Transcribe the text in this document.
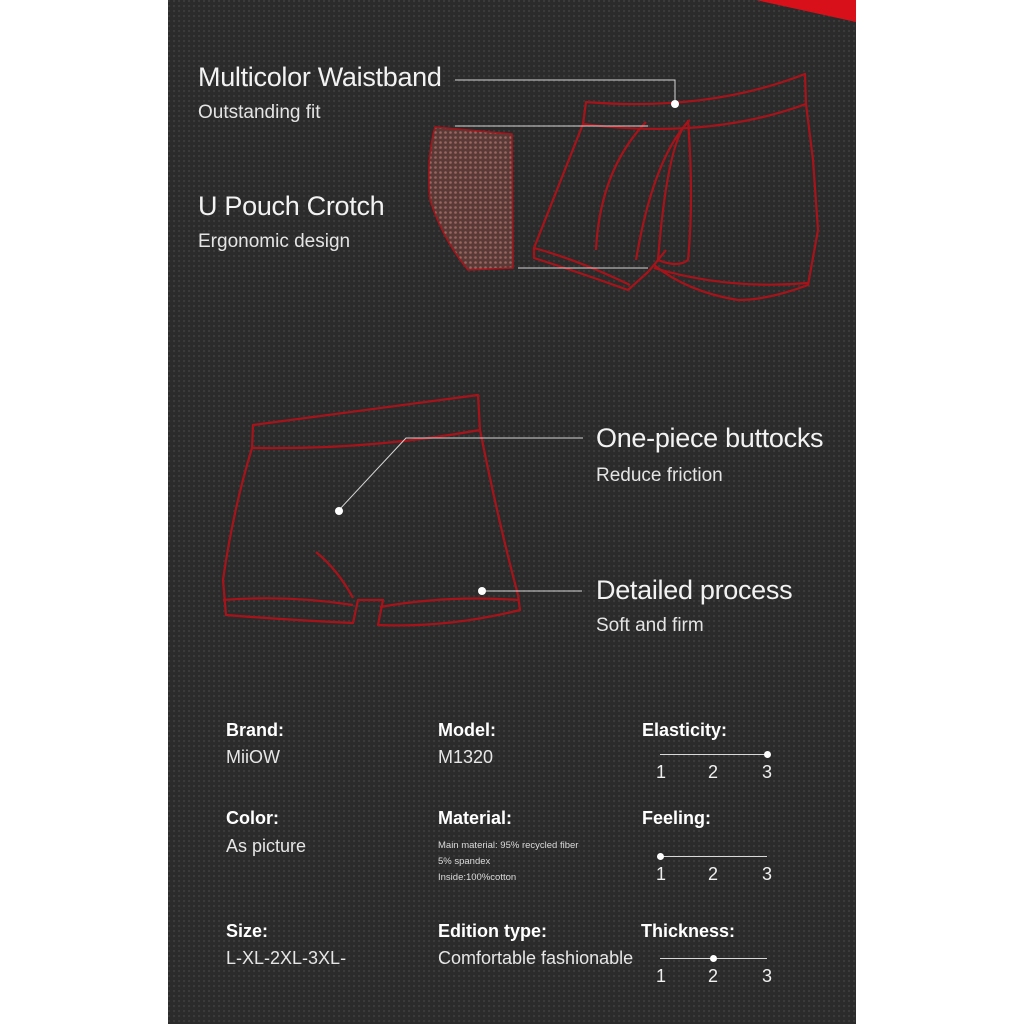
Multicolor Waistband
Outstanding fit
U Pouch Crotch
Ergonomic design
One-piece buttocks
Reduce friction
Detailed process
Soft and firm
Brand:
MiiOW
Model:
M1320
Elasticity:
1 2 3
Color:
As picture
Material:
Main material: 95% recycled fiber
5% spandex
Inside:100%cotton
Feeling:
1 2 3
Size:
L-XL-2XL-3XL-
Edition type:
Comfortable fashionable
Thickness:
1 2 3
